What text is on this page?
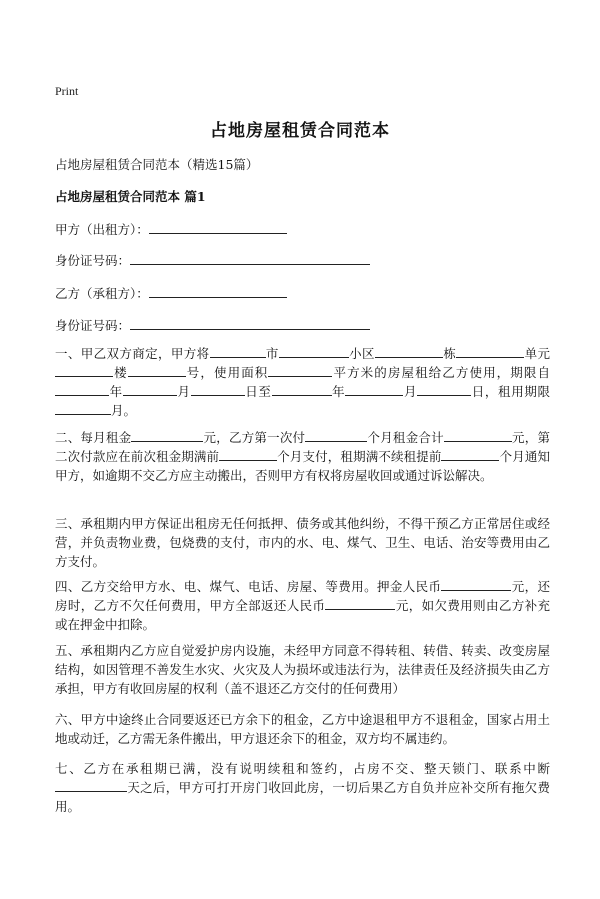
Print
占地房屋租赁合同范本
占地房屋租赁合同范本（精选15篇）
占地房屋租赁合同范本 篇1
甲方（出租方）：
身份证号码：
乙方（承租方）：
身份证号码：
一、甲乙双方商定，甲方将	市	小区	栋	单元楼	号，使用面积	平方米的房屋租给乙方使用，期限自年	月	日至	年	月	日，租用期限月。
二、每月租金	元，乙方第一次付	个月租金合计	元，第二次付款应在前次租金期满前	个月支付，租期满不续租提前	个月通知甲方，如逾期不交乙方应主动搬出，否则甲方有权将房屋收回或通过诉讼解决。
三、承租期内甲方保证出租房无任何抵押、债务或其他纠纷，不得干预乙方正常居住或经营，并负责物业费，包烧费的支付，市内的水、电、煤气、卫生、电话、治安等费用由乙方支付。
四、乙方交给甲方水、电、煤气、电话、房屋、等费用。押金人民币	元，还房时，乙方不欠任何费用，甲方全部返还人民币	元，如欠费用则由乙方补充或在押金中扣除。
五、承租期内乙方应自觉爱护房内设施，未经甲方同意不得转租、转借、转卖、改变房屋结构，如因管理不善发生水灾、火灾及人为损坏或违法行为，法律责任及经济损失由乙方承担，甲方有收回房屋的权利（盖不退还乙方交付的任何费用）
六、甲方中途终止合同要返还已方余下的租金，乙方中途退租甲方不退租金，国家占用土地或动迁，乙方需无条件搬出，甲方退还余下的租金，双方均不属违约。
七、乙方在承租期已满，没有说明续租和签约，占房不交、整天锁门、联系中断天之后，甲方可打开房门收回此房，一切后果乙方自负并应补交所有拖欠费用。
